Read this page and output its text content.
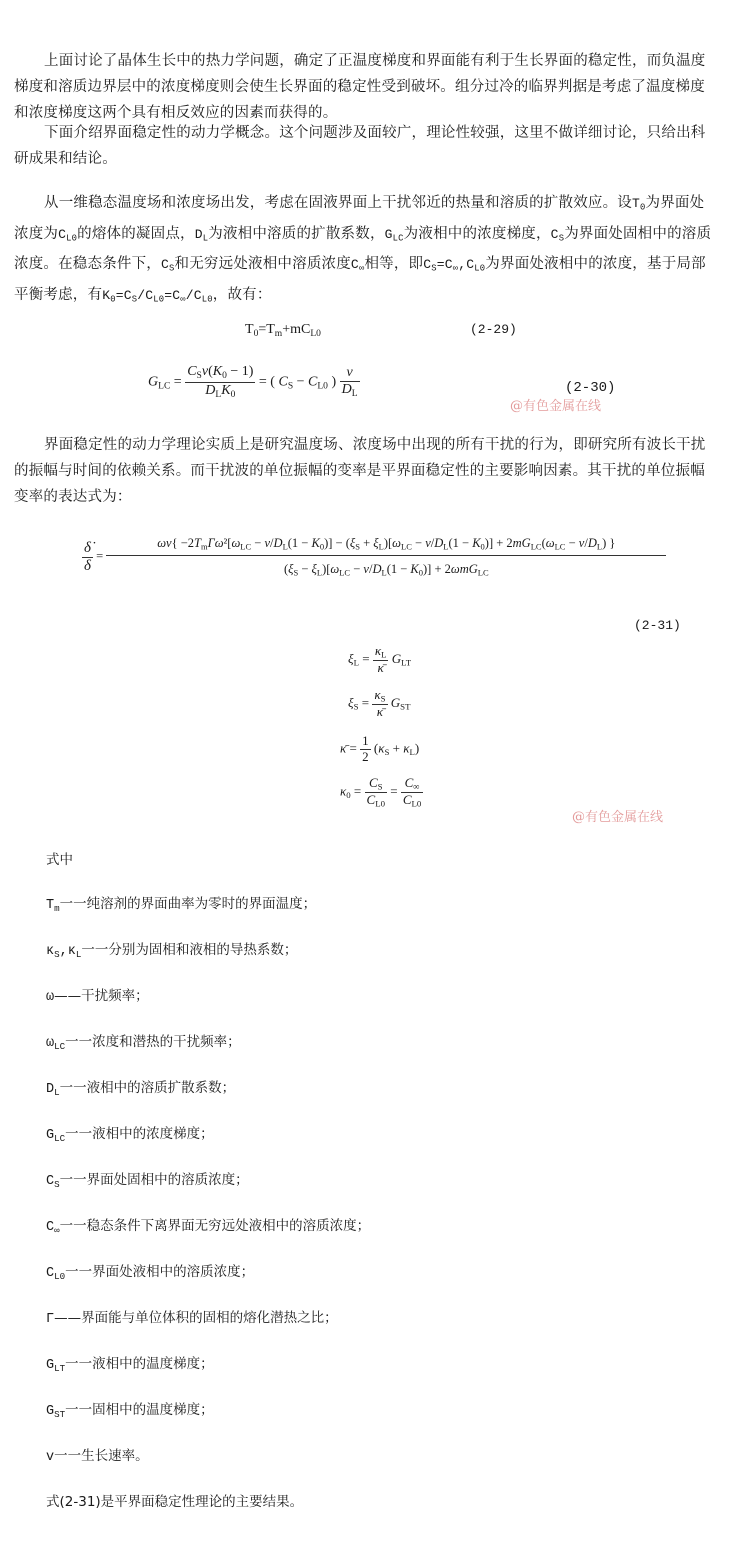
上面讨论了晶体生长中的热力学问题，确定了正温度梯度和界面能有利于生长界面的稳定性，而负温度梯度和溶质边界层中的浓度梯度则会使生长界面的稳定性受到破坏。组分过冷的临界判据是考虑了温度梯度和浓度梯度这两个具有相反效应的因素而获得的。

下面介绍界面稳定性的动力学概念。这个问题涉及面较广，理论性较强，这里不做详细讨论，只给出科研成果和结论。

从一维稳态温度场和浓度场出发，考虑在固液界面上干扰邻近的热量和溶质的扩散效应。设$T_0$为界面处浓度为$C_{L0}$的熔体的凝固点，$D_L$为液相中溶质的扩散系数，$G_{LC}$为液相中的浓度梯度，$C_S$为界面处固相中的溶质浓度。在稳态条件下，$C_S$和无穷远处液相中溶质浓度$C_\infty$相等，即$C_S=C_\infty,C_{L0}$为界面处液相中的浓度，基于局部平衡考虑，有$K_0=C_S/C_{L0}=C_\infty/C_{L0}$，故有：

$T_0=T_m+mC_{L0}$	(2-29)
$G_{LC} = \frac{C_Sv(K_0 - 1)}{D_LK_0}$ = ( $C_S - C_{L0}$ ) $\frac{v}{D_L}$	(2-30)
@有色金属在线

界面稳定性的动力学理论实质上是研究温度场、浓度场中出现的所有干扰的行为，即研究所有波长干扰的振幅与时间的依赖关系。而干扰波的单位振幅的变率是平界面稳定性的主要影响因素。其干扰的单位振幅变率的表达式为：

$\frac{\deltȧ}{\delta}$ =
$\omega v\{ -2T_m\Gamma\omega^2[\omega_{LC} - v/D_L(1 - K_0)] - (\xi_S + \xi_L)[\omega_{LC} - v/D_L(1 - K_0)] + 2mG_{LC}(\omega_{LC} - v/D_L)$ }
$(\xi_S - \xi_L)[\omega_{LC} - v/D_L(1 - K_0)] + 2\omega mG_{LC}$
(2-31)
$\xi_L = \frac{\kappa_L}{\kappā} G_{LT}$
$\xi_S = \frac{\kappa_S}{\kappā} G_{ST}$
κ̄ = $\frac{1}{2} (\kappa_S + \kappa_L)$
$\kappa_0 = \frac{C_S}{C_{L0}} = \frac{C_\infty}{C_{L0}}$
@有色金属在线
式中
$T_m$一一纯溶剂的界面曲率为零时的界面温度；
$\kappa_S,\kappa_L$一一分别为固相和液相的导热系数；
ω——干扰频率；
$\omega_{LC}$一一浓度和潜热的干扰频率；
$D_L$一一液相中的溶质扩散系数；
$G_{LC}$一一液相中的浓度梯度；
$C_S$一一界面处固相中的溶质浓度；
$C_\infty$一一稳态条件下离界面无穷远处液相中的溶质浓度；
$C_{L0}$一一界面处液相中的溶质浓度；
Γ——界面能与单位体积的固相的熔化潜热之比；
$G_{LT}$一一液相中的温度梯度；
$G_{ST}$一一固相中的温度梯度；
v一一生长速率。
式(2-31)是平界面稳定性理论的主要结果。
